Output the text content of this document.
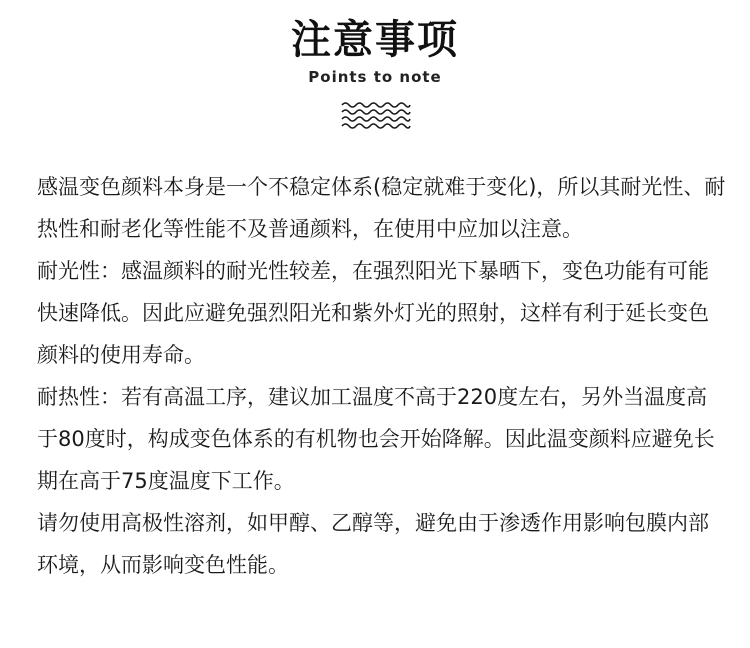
注意事项
Points to note

感温变色颜料本身是一个不稳定体系(稳定就难于变化)，所以其耐光性、耐热性和耐老化等性能不及普通颜料，在使用中应加以注意。

耐光性：感温颜料的耐光性较差，在强烈阳光下暴晒下，变色功能有可能快速降低。因此应避免强烈阳光和紫外灯光的照射，这样有利于延长变色颜料的使用寿命。

耐热性：若有高温工序，建议加工温度不高于220度左右，另外当温度高于80度时，构成变色体系的有机物也会开始降解。因此温变颜料应避免长期在高于75度温度下工作。

请勿使用高极性溶剂，如甲醇、乙醇等，避免由于渗透作用影响包膜内部环境，从而影响变色性能。
